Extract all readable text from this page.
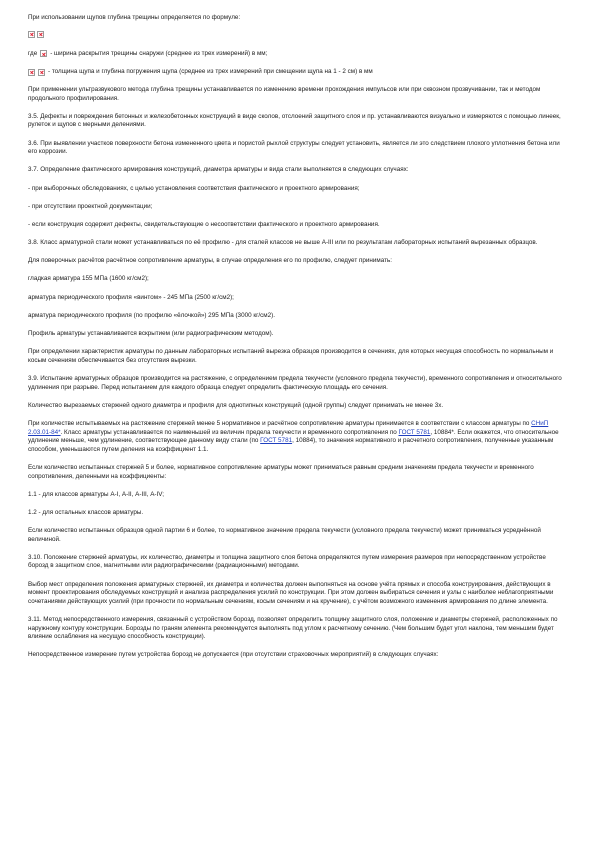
При использовании щупов глубина трещины определяется по формуле:

где - ширина раскрытия трещины снаружи (среднее из трех измерений) в мм;

- толщина щупа и глубина погружения щупа (среднее из трех измерений при смещении щупа на 1 - 2 см) в мм

При применении ультразвукового метода глубина трещины устанавливается по изменению времени прохождения импульсов или при сквозном прозвучивании, так и методом продольного профилирования.

3.5. Дефекты и повреждения бетонных и железобетонных конструкций в виде сколов, отслоений защитного слоя и пр. устанавливаются визуально и измеряются с помощью линеек, рулеток и щупов с мерными делениями.

3.6. При выявлении участков поверхности бетона измененного цвета и пористой рыхлой структуры следует установить, является ли это следствием плохого уплотнения бетона или его коррозии.

3.7. Определение фактического армирования конструкций, диаметра арматуры и вида стали выполняется в следующих случаях:

- при выборочных обследованиях, с целью установления соответствия фактического и проектного армирования;

- при отсутствии проектной документации;

- если конструкция содержит дефекты, свидетельствующие о несоответствии фактического и проектного армирования.

3.8. Класс арматурной стали может устанавливаться по её профилю - для сталей классов не выше А-III или по результатам лабораторных испытаний вырезанных образцов.

Для поверочных расчётов расчётное сопротивление арматуры, в случае определения его по профилю, следует принимать:

гладкая арматура 155 МПа (1600 кг/см2);

арматура периодического профиля «винтом» - 245 МПа (2500 кг/см2);

арматура периодического профиля (по профилю «ёлочкой») 295 МПа (3000 кг/см2).

Профиль арматуры устанавливается вскрытием (или радиографическим методом).

При определении характеристик арматуры по данным лабораторных испытаний вырезка образцов производится в сечениях, для которых несущая способность по нормальным и косым сечениям обеспечивается без отсутствия вырезки.

3.9. Испытание арматурных образцов производится на растяжение, с определением предела текучести (условного предела текучести), временного сопротивления и относительного удлинения при разрыве. Перед испытанием для каждого образца следует определить фактическую площадь его сечения.

Количество вырезаемых стержней одного диаметра и профиля для однотипных конструкций (одной группы) следует принимать не менее 3х.

При количестве испытываемых на растяжение стержней менее 5 нормативное и расчётное сопротивление арматуры принимается в соответствии с классом арматуры по СНиП 2.03.01-84*. Класс арматуры устанавливается по наименьшей из величин предела текучести и временного сопротивления по ГОСТ 5781, 10884*. Если окажется, что относительное удлинение меньше, чем удлинение, соответствующее данному виду стали (по ГОСТ 5781, 10884), то значения нормативного и расчетного сопротивления, полученные указанным способом, уменьшаются путем деления на коэффициент 1.1.

Если количество испытанных стержней 5 и более, нормативное сопротивление арматуры может приниматься равным средним значениям предела текучести и временного сопротивления, деленными на коэффициенты:

1.1 - для классов арматуры А-I, А-II, А-III, А-IV;

1.2 - для остальных классов арматуры.

Если количество испытанных образцов одной партии 6 и более, то нормативное значение предела текучести (условного предела текучести) может приниматься усреднённой величиной.

3.10. Положение стержней арматуры, их количество, диаметры и толщина защитного слоя бетона определяются путем измерения размеров при непосредственном устройстве борозд в защитном слое, магнитными или радиографическими (радиационными) методами.

Выбор мест определения положения арматурных стержней, их диаметра и количества должен выполняться на основе учёта прямых и способа конструирования, действующих в момент проектирования обследуемых конструкций и анализа распределения усилий по конструкции. При этом должен выбираться сечения и узлы с наиболее неблагоприятными сочетаниями действующих усилий (при прочности по нормальным сечениям, косым сечениям и на кручение), с учётом возможного изменения армирования по длине элемента.

3.11. Метод непосредственного измерения, связанный с устройством борозд, позволяет определить толщину защитного слоя, положение и диаметры стержней, расположенных по наружному контуру конструкции. Борозды по граням элемента рекомендуется выполнять под углом к расчетному сечению. (Чем большим будет угол наклона, тем меньшим будет влияние ослабления на несущую способность конструкции).

Непосредственное измерение путем устройства борозд не допускается (при отсутствии страховочных мероприятий) в следующих случаях:
